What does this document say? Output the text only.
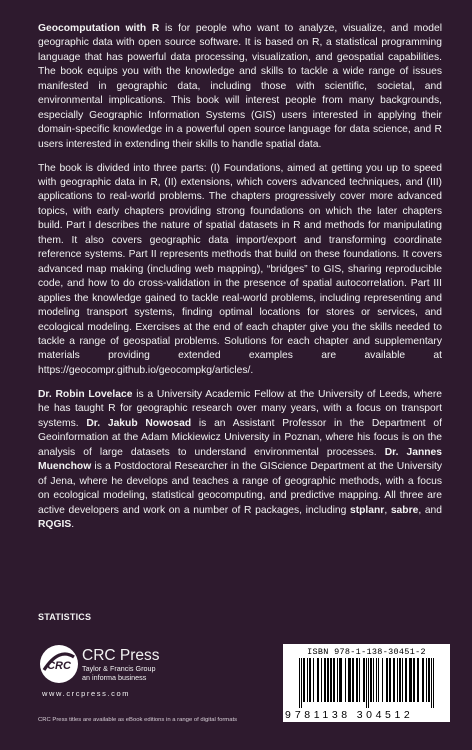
Geocomputation with R is for people who want to analyze, visualize, and model geographic data with open source software. It is based on R, a statistical programming language that has powerful data processing, visualization, and geospatial capabilities. The book equips you with the knowledge and skills to tackle a wide range of issues manifested in geographic data, including those with scientific, societal, and environmental implications. This book will interest people from many backgrounds, especially Geographic Information Systems (GIS) users interested in applying their domain-specific knowledge in a powerful open source language for data science, and R users interested in extending their skills to handle spatial data.

The book is divided into three parts: (I) Foundations, aimed at getting you up to speed with geographic data in R, (II) extensions, which covers advanced techniques, and (III) applications to real-world problems. The chapters progressively cover more advanced topics, with early chapters providing strong foundations on which the later chapters build. Part I describes the nature of spatial datasets in R and methods for manipulating them. It also covers geographic data import/export and transforming coordinate reference systems. Part II represents methods that build on these foundations. It covers advanced map making (including web mapping), “bridges” to GIS, sharing reproducible code, and how to do cross-validation in the presence of spatial autocorrelation. Part III applies the knowledge gained to tackle real-world problems, including representing and modeling transport systems, finding optimal locations for stores or services, and ecological modeling. Exercises at the end of each chapter give you the skills needed to tackle a range of geospatial problems. Solutions for each chapter and supplementary materials providing extended examples are available at https://geocompr.github.io/geocompkg/articles/.

Dr. Robin Lovelace is a University Academic Fellow at the University of Leeds, where he has taught R for geographic research over many years, with a focus on transport systems. Dr. Jakub Nowosad is an Assistant Professor in the Department of Geoinformation at the Adam Mickiewicz University in Poznan, where his focus is on the analysis of large datasets to understand environmental processes. Dr. Jannes Muenchow is a Postdoctoral Researcher in the GIScience Department at the University of Jena, where he develops and teaches a range of geographic methods, with a focus on ecological modeling, statistical geocomputing, and predictive mapping. All three are active developers and work on a number of R packages, including stplanr, sabre, and RQGIS.

STATISTICS
CRC
CRC Press
Taylor & Francis Group
an informa business
www.crcpress.com
CRC Press titles are available as eBook editions in a range of digital formats
ISBN 978-1-138-30451-2
9 781138 304512
